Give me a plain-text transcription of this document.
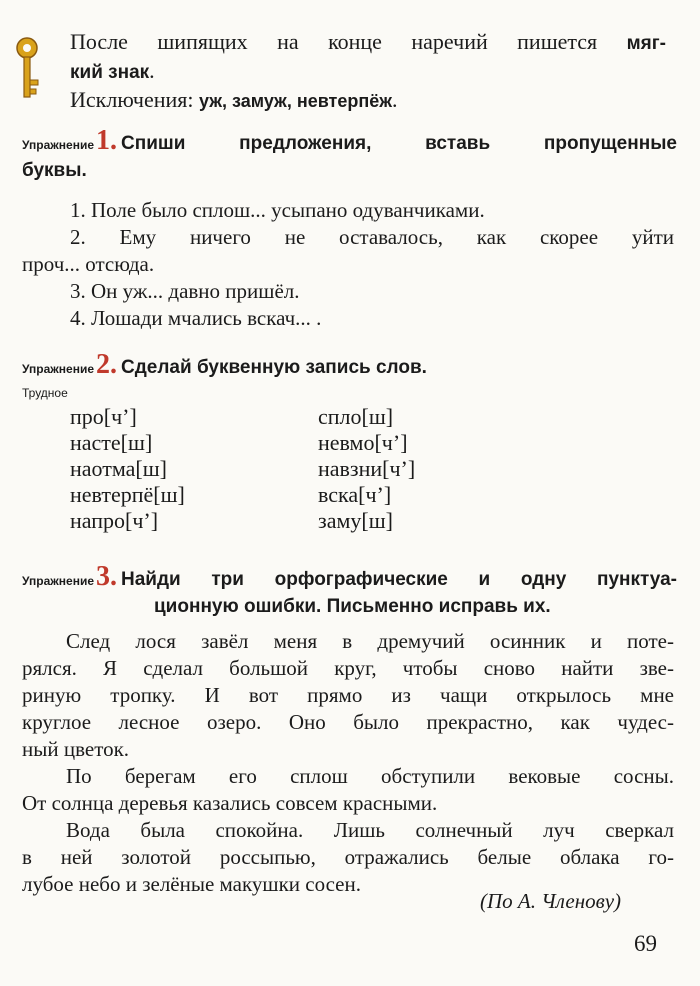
После шипящих на конце наречий пишется мяг-
кий знак.
Исключения: уж, замуж, невтерпёж.
Упражнение1. Спиши предложения, вставь пропущенные
буквы.
1. Поле было сплош... усыпано одуванчиками.
2. Ему ничего не оставалось, как скорее уйти
проч... отсюда.
3. Он уж... давно пришёл.
4. Лошади мчались вскач... .
Упражнение2. Сделай буквенную запись слов.
Трудное
про[ч’]
насте[ш]
наотма[ш]
невтерпё[ш]
напро[ч’]
спло[ш]
невмо[ч’]
навзни[ч’]
вска[ч’]
заму[ш]
Упражнение3. Найди три орфографические и одну пунктуа-
ционную ошибки. Письменно исправь их.
След лося завёл меня в дремучий осинник и поте-
рялся. Я сделал большой круг, чтобы сново найти зве-
риную тропку. И вот прямо из чащи открылось мне
круглое лесное озеро. Оно было прекрастно, как чудес-
ный цветок.
По берегам его сплош обступили вековые сосны.
От солнца деревья казались совсем красными.
Вода была спокойна. Лишь солнечный луч сверкал
в ней золотой россыпью, отражались белые облака го-
лубое небо и зелёные макушки сосен.
(По А. Членову)
69
